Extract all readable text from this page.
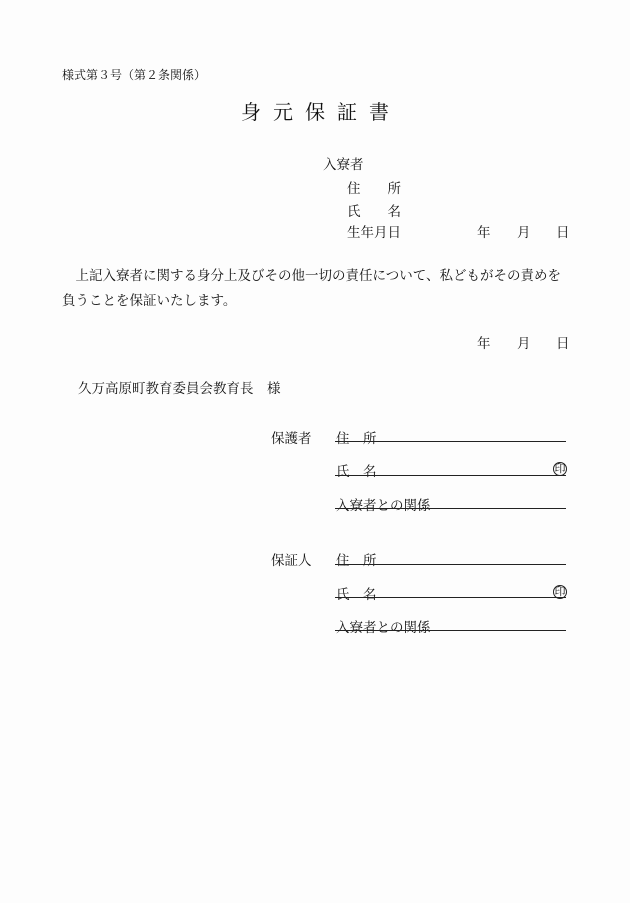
様式第３号（第２条関係）
身元保証書
入寮者
住　　所
氏　　名
生年月日	年 月 日
上記入寮者に関する身分上及びその他一切の責任について、私どもがその責めを負うことを保証いたします。
年 月 日
久万高原町教育委員会教育長　様
保護者 住　所
氏　名	印
入寮者との関係
保証人 住　所
氏　名	印
入寮者との関係
